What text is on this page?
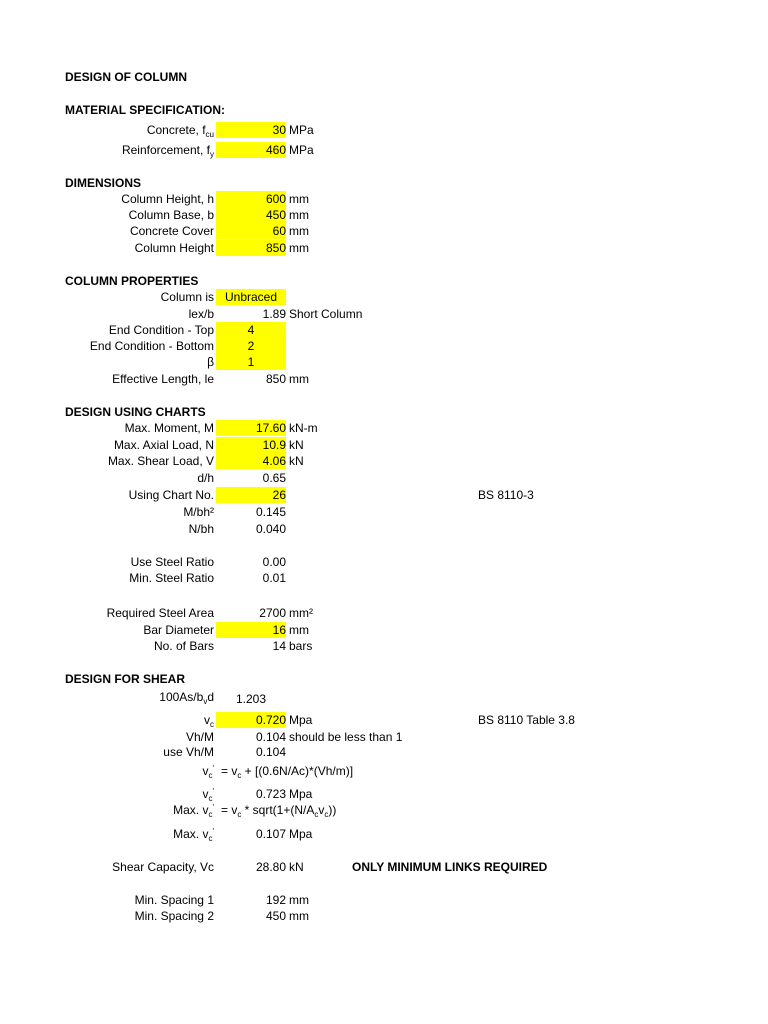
DESIGN OF COLUMN
MATERIAL SPECIFICATION:
Concrete, $f_{cu}$	30 MPa
Reinforcement, $f_y$	460 MPa
DIMENSIONS
Column Height, h	600 mm
Column Base, b	450 mm
Concrete Cover	60 mm
Column Height	850 mm
COLUMN PROPERTIES
Column is Unbraced
lex/b	1.89 Short Column
End Condition - Top	4
End Condition - Bottom	2
β	1
Effective Length, le	850 mm
DESIGN USING CHARTS
Max. Moment, M	17.60 kN-m
Max. Axial Load, N	10.9 kN
Max. Shear Load, V	4.06 kN
d/h	0.65
Using Chart No.	26	BS 8110-3
M/bh²	0.145
N/bh	0.040
Use Steel Ratio	0.00
Min. Steel Ratio	0.01
Required Steel Area	2700 mm²
Bar Diameter	16 mm
No. of Bars	14 bars
DESIGN FOR SHEAR
$100As/b_vd$	1.203
$v_c$	0.720 Mpa	BS 8110 Table 3.8
Vh/M	0.104 should be less than 1
use Vh/M	0.104
$v_c' = v_c + [(0.6N/Ac)*(Vh/m)]$
$v_c'$	0.723 Mpa
Max. $v_c' = v_c$ * $sqrt(1+(N/A_cv_c))$
Max. $v_c'$	0.107 Mpa
Shear Capacity, Vc	28.80 kN	ONLY MINIMUM LINKS REQUIRED
Min. Spacing 1	192 mm
Min. Spacing 2	450 mm
